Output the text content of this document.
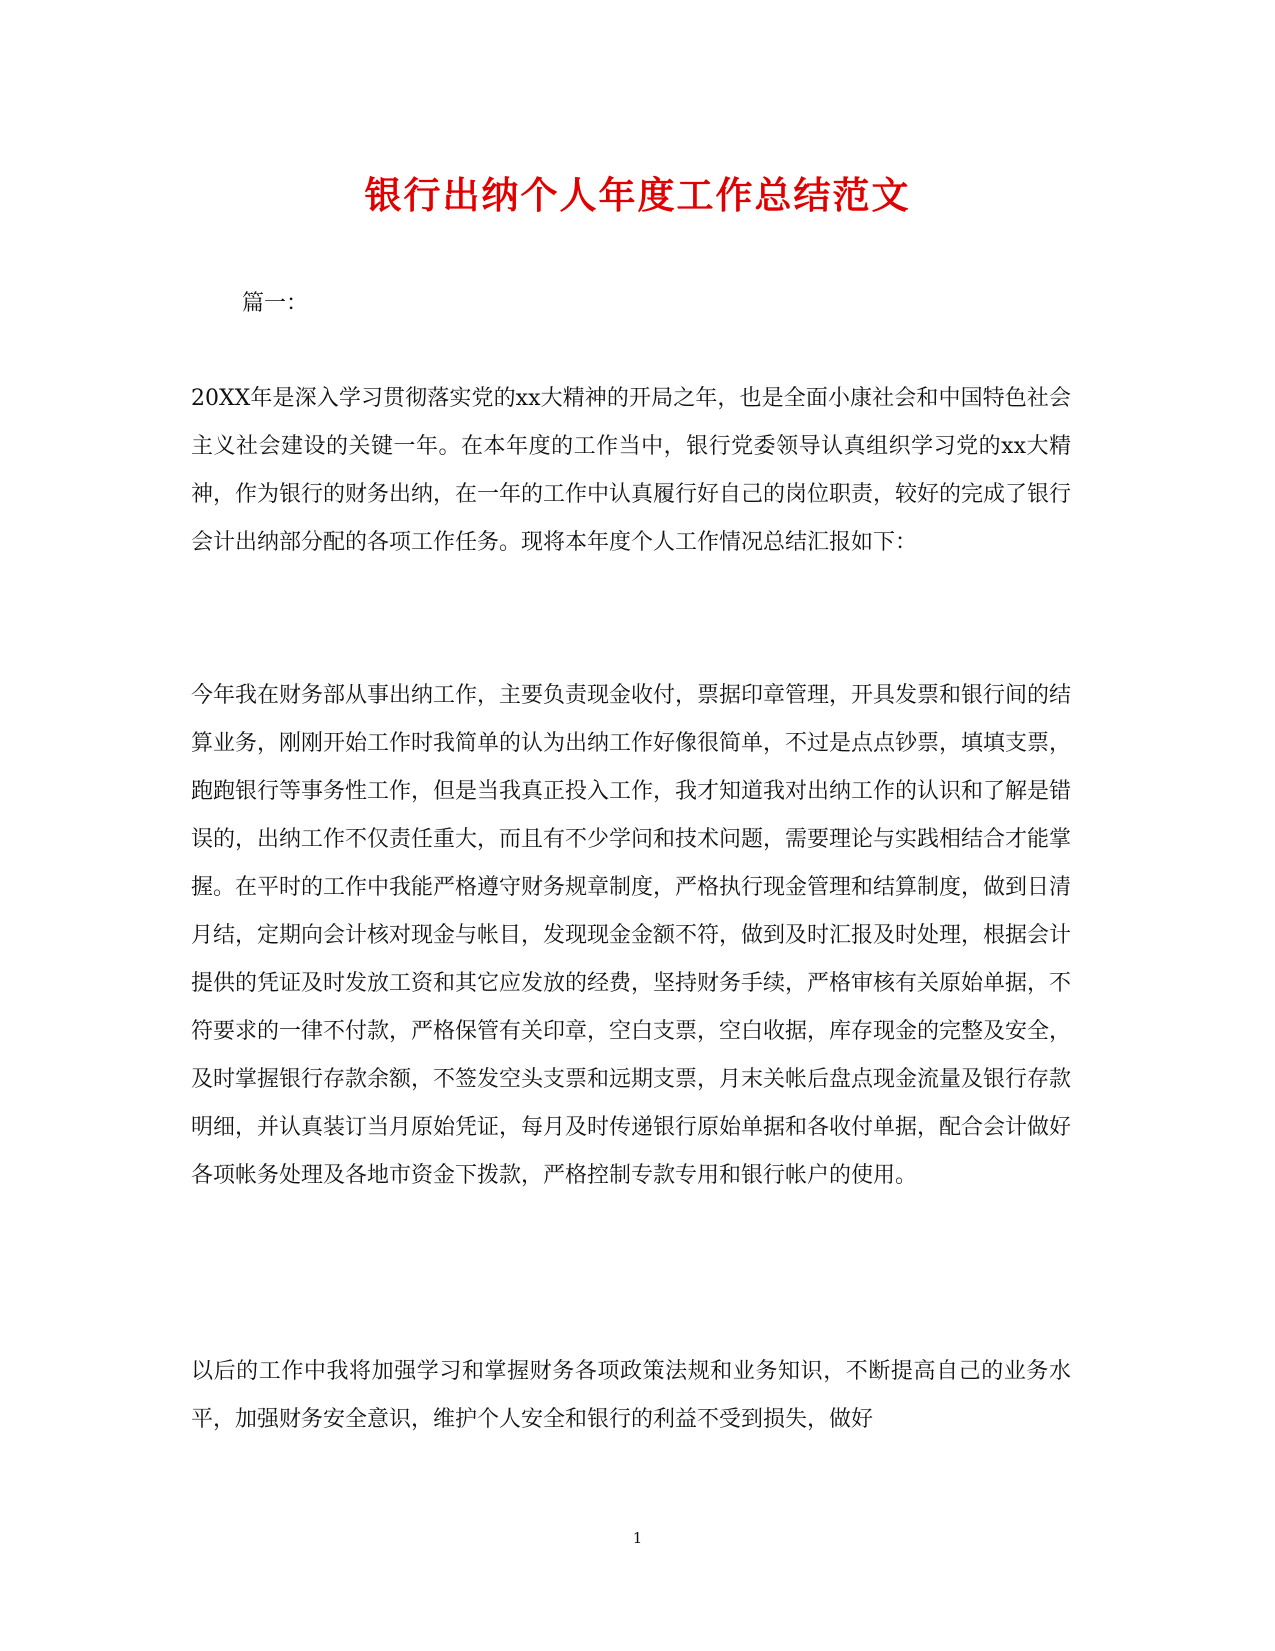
银行出纳个人年度工作总结范文

篇一：

20XX年是深入学习贯彻落实党的xx大精神的开局之年，也是全面小康社会和中国特色社会主义社会建设的关键一年。在本年度的工作当中，银行党委领导认真组织学习党的xx大精神，作为银行的财务出纳，在一年的工作中认真履行好自己的岗位职责，较好的完成了银行会计出纳部分配的各项工作任务。现将本年度个人工作情况总结汇报如下：

今年我在财务部从事出纳工作，主要负责现金收付，票据印章管理，开具发票和银行间的结算业务，刚刚开始工作时我简单的认为出纳工作好像很简单，不过是点点钞票，填填支票，跑跑银行等事务性工作，但是当我真正投入工作，我才知道我对出纳工作的认识和了解是错误的，出纳工作不仅责任重大，而且有不少学问和技术问题，需要理论与实践相结合才能掌握。在平时的工作中我能严格遵守财务规章制度，严格执行现金管理和结算制度，做到日清月结，定期向会计核对现金与帐目，发现现金金额不符，做到及时汇报及时处理，根据会计提供的凭证及时发放工资和其它应发放的经费，坚持财务手续，严格审核有关原始单据，不符要求的一律不付款，严格保管有关印章，空白支票，空白收据，库存现金的完整及安全，及时掌握银行存款余额，不签发空头支票和远期支票，月末关帐后盘点现金流量及银行存款明细，并认真装订当月原始凭证，每月及时传递银行原始单据和各收付单据，配合会计做好各项帐务处理及各地市资金下拨款，严格控制专款专用和银行帐户的使用。

以后的工作中我将加强学习和掌握财务各项政策法规和业务知识，不断提高自己的业务水平，加强财务安全意识，维护个人安全和银行的利益不受到损失，做好

1
